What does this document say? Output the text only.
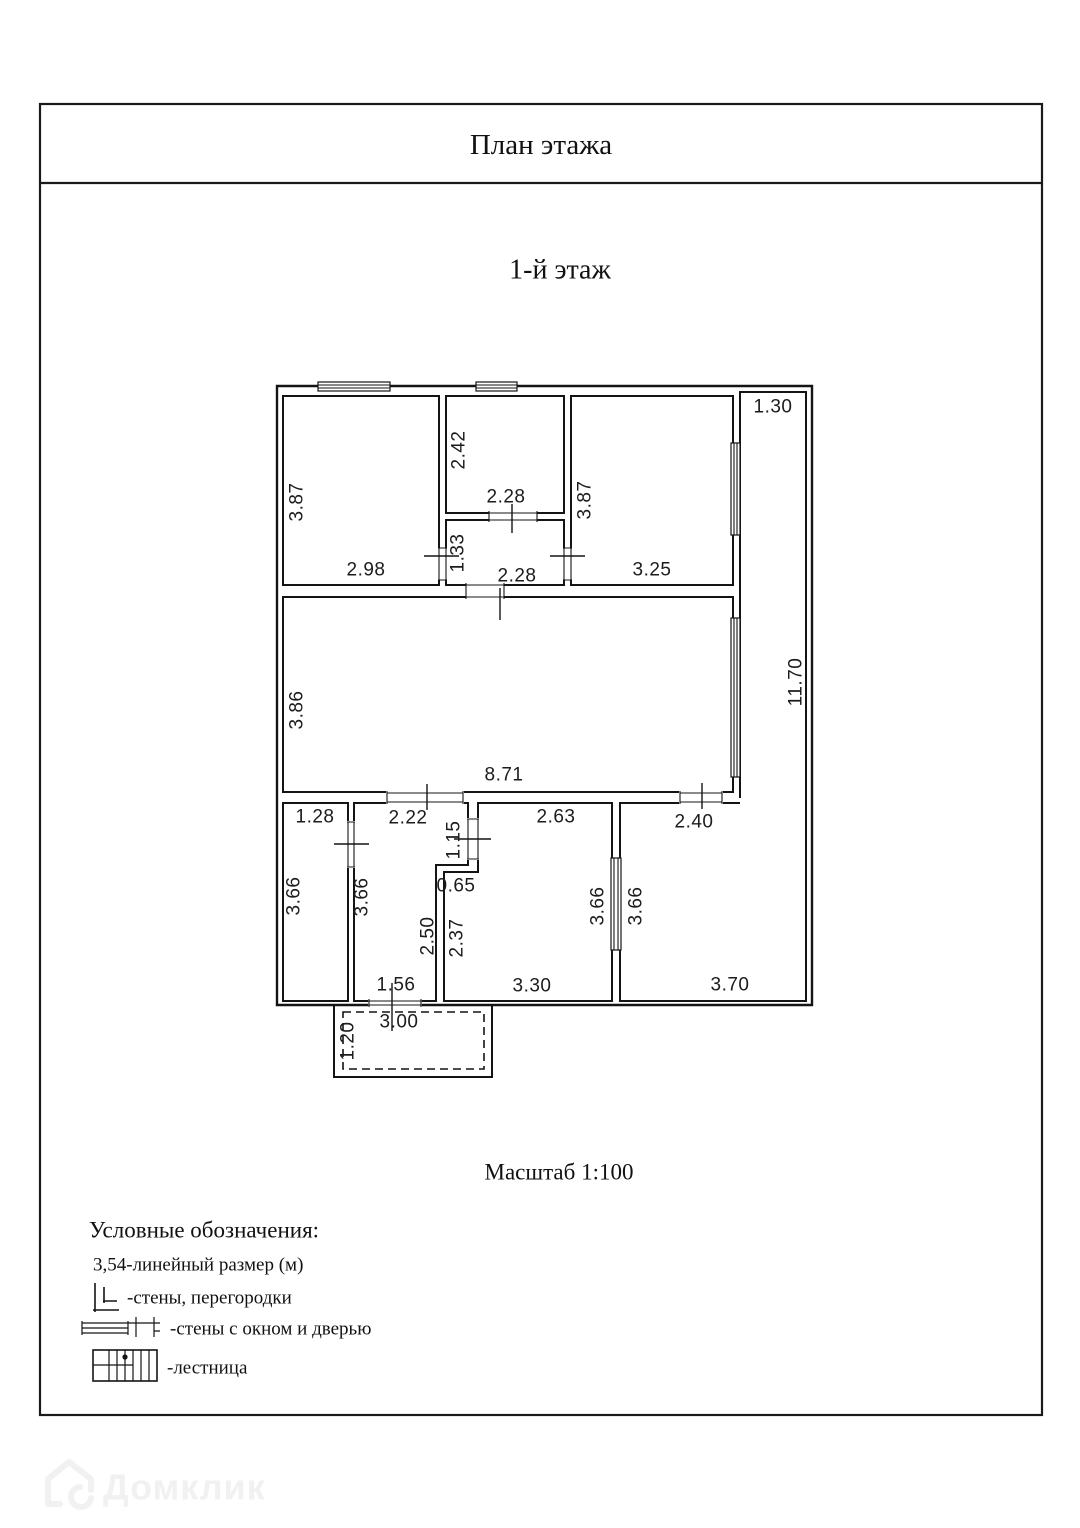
План этажа
1-й этаж
3.87
2.42
2.28	3.87
1.30
2.98	1.33
2.28	3.25
3.86
8.71
11.70
1.28	2.22
1.15
2.63	2.40
3.66 3.66	0.65
2.50 2.37
3.66 3.66
1.56	3.30	3.70
3.00
1.20
Масштаб 1:100
Условные обозначения:
3,54-линейный размер (м)
-стены, перегородки
-стены с окном и дверью
-лестница
Домклик
